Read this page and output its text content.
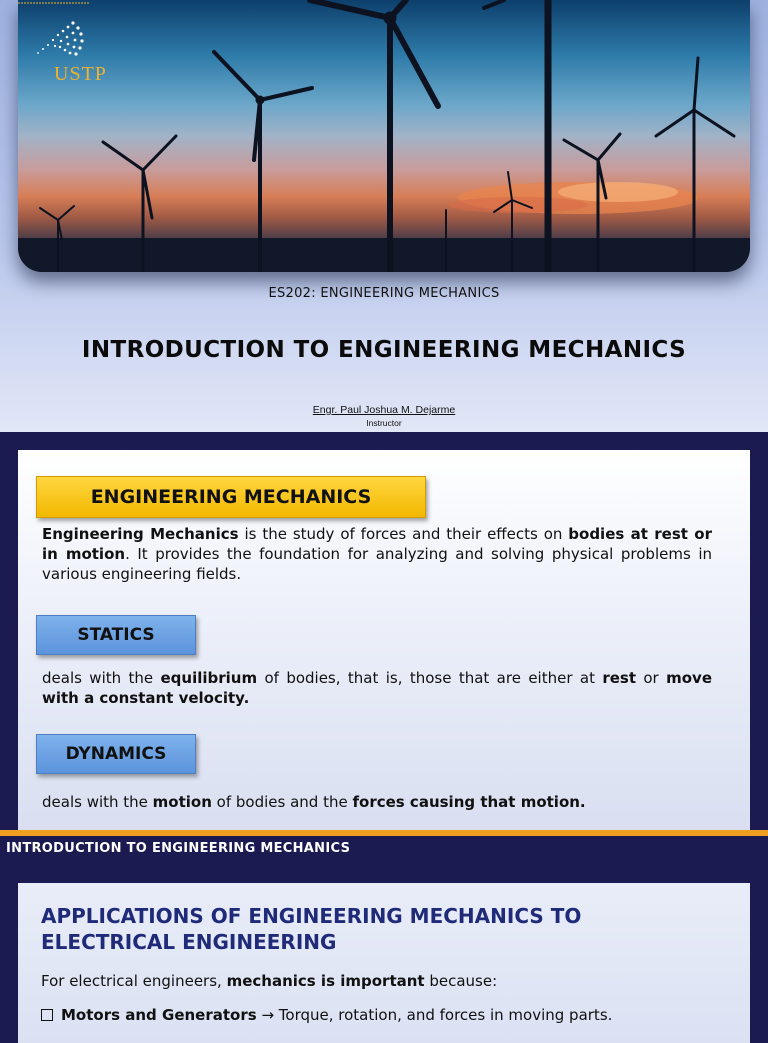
USTP
ES202: ENGINEERING MECHANICS
INTRODUCTION TO ENGINEERING MECHANICS
Engr. Paul Joshua M. Dejarme
Instructor
ENGINEERING MECHANICS
Engineering Mechanics is the study of forces and their effects on bodies at rest or in motion. It provides the foundation for analyzing and solving physical problems in various engineering fields.
STATICS
deals with the equilibrium of bodies, that is, those that are either at rest or move with a constant velocity.
DYNAMICS
deals with the motion of bodies and the forces causing that motion.
INTRODUCTION TO ENGINEERING MECHANICS
APPLICATIONS OF ENGINEERING MECHANICS TO ELECTRICAL ENGINEERING
For electrical engineers, mechanics is important because:
Motors and Generators → Torque, rotation, and forces in moving parts.
